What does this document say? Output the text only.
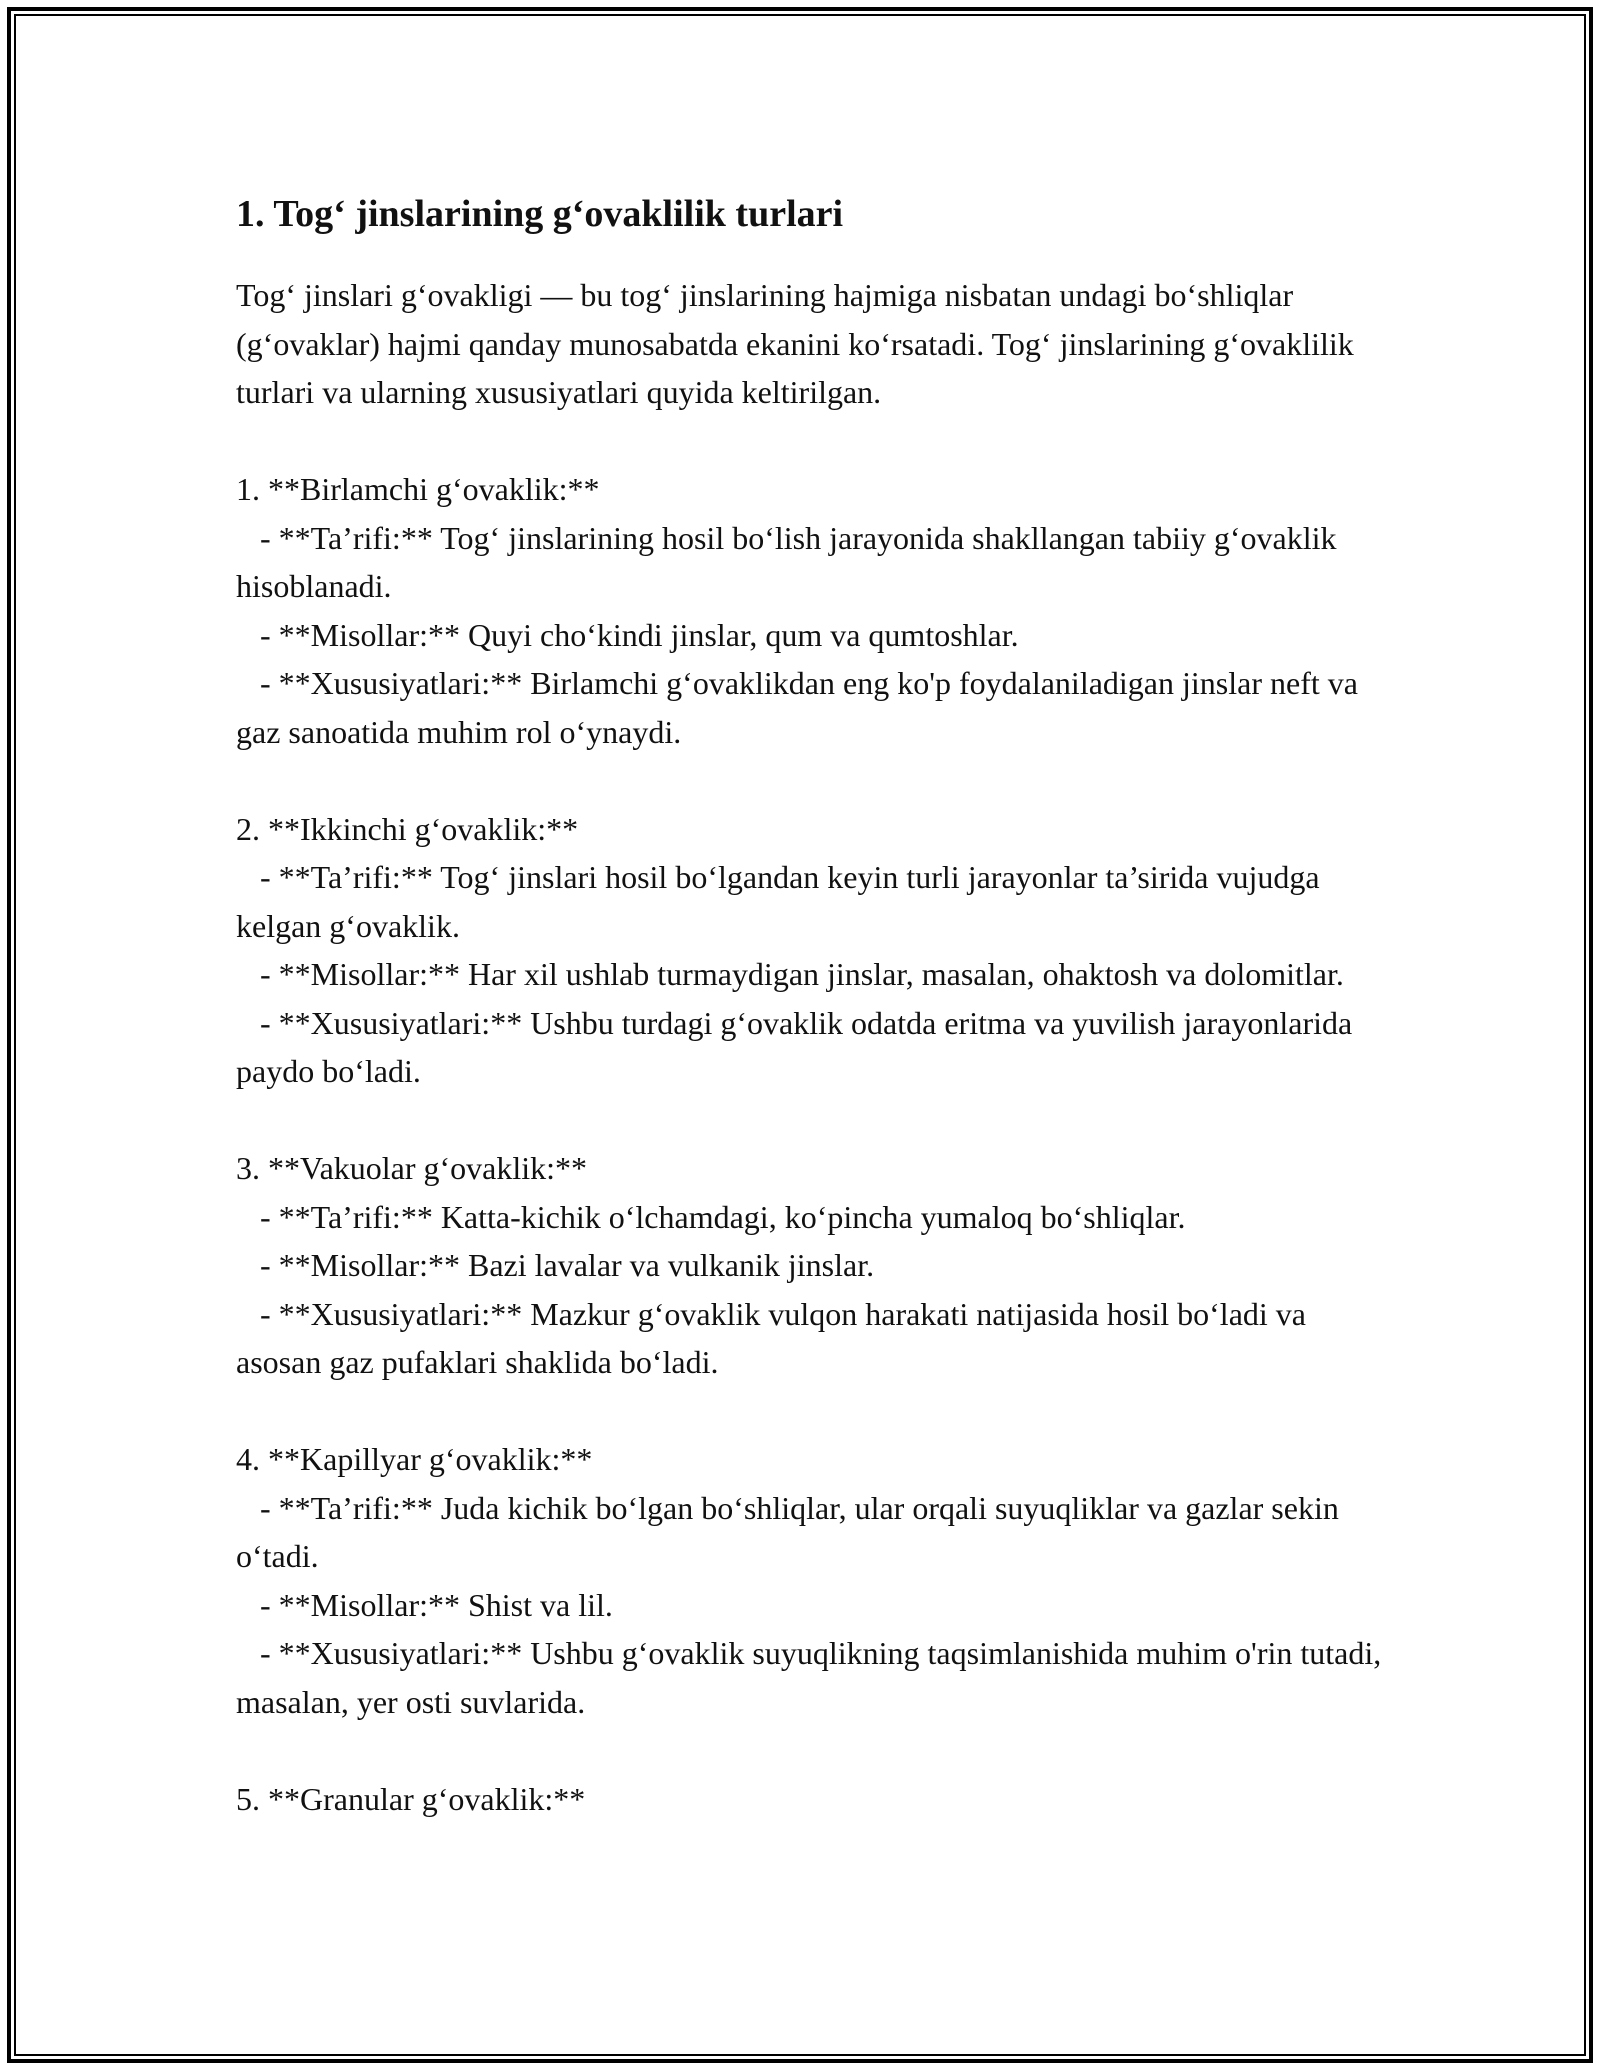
1. Tog‘ jinslarining g‘ovaklilik turlari

Tog‘ jinslari g‘ovakligi — bu tog‘ jinslarining hajmiga nisbatan undagi bo‘shliqlar (g‘ovaklar) hajmi qanday munosabatda ekanini ko‘rsatadi. Tog‘ jinslarining g‘ovaklilik turlari va ularning xususiyatlari quyida keltirilgan.

1. **Birlamchi g‘ovaklik:**

- **Ta’rifi:** Tog‘ jinslarining hosil bo‘lish jarayonida shakllangan tabiiy g‘ovaklik hisoblanadi.

- **Misollar:** Quyi cho‘kindi jinslar, qum va qumtoshlar.

- **Xususiyatlari:** Birlamchi g‘ovaklikdan eng ko'p foydalaniladigan jinslar neft va gaz sanoatida muhim rol o‘ynaydi.

2. **Ikkinchi g‘ovaklik:**

- **Ta’rifi:** Tog‘ jinslari hosil bo‘lgandan keyin turli jarayonlar ta’sirida vujudga kelgan g‘ovaklik.

- **Misollar:** Har xil ushlab turmaydigan jinslar, masalan, ohaktosh va dolomitlar.

- **Xususiyatlari:** Ushbu turdagi g‘ovaklik odatda eritma va yuvilish jarayonlarida paydo bo‘ladi.

3. **Vakuolar g‘ovaklik:**

- **Ta’rifi:** Katta-kichik o‘lchamdagi, ko‘pincha yumaloq bo‘shliqlar.

- **Misollar:** Bazi lavalar va vulkanik jinslar.

- **Xususiyatlari:** Mazkur g‘ovaklik vulqon harakati natijasida hosil bo‘ladi va asosan gaz pufaklari shaklida bo‘ladi.

4. **Kapillyar g‘ovaklik:**

- **Ta’rifi:** Juda kichik bo‘lgan bo‘shliqlar, ular orqali suyuqliklar va gazlar sekin o‘tadi.

- **Misollar:** Shist va lil.

- **Xususiyatlari:** Ushbu g‘ovaklik suyuqlikning taqsimlanishida muhim o'rin tutadi, masalan, yer osti suvlarida.

5. **Granular g‘ovaklik:**
